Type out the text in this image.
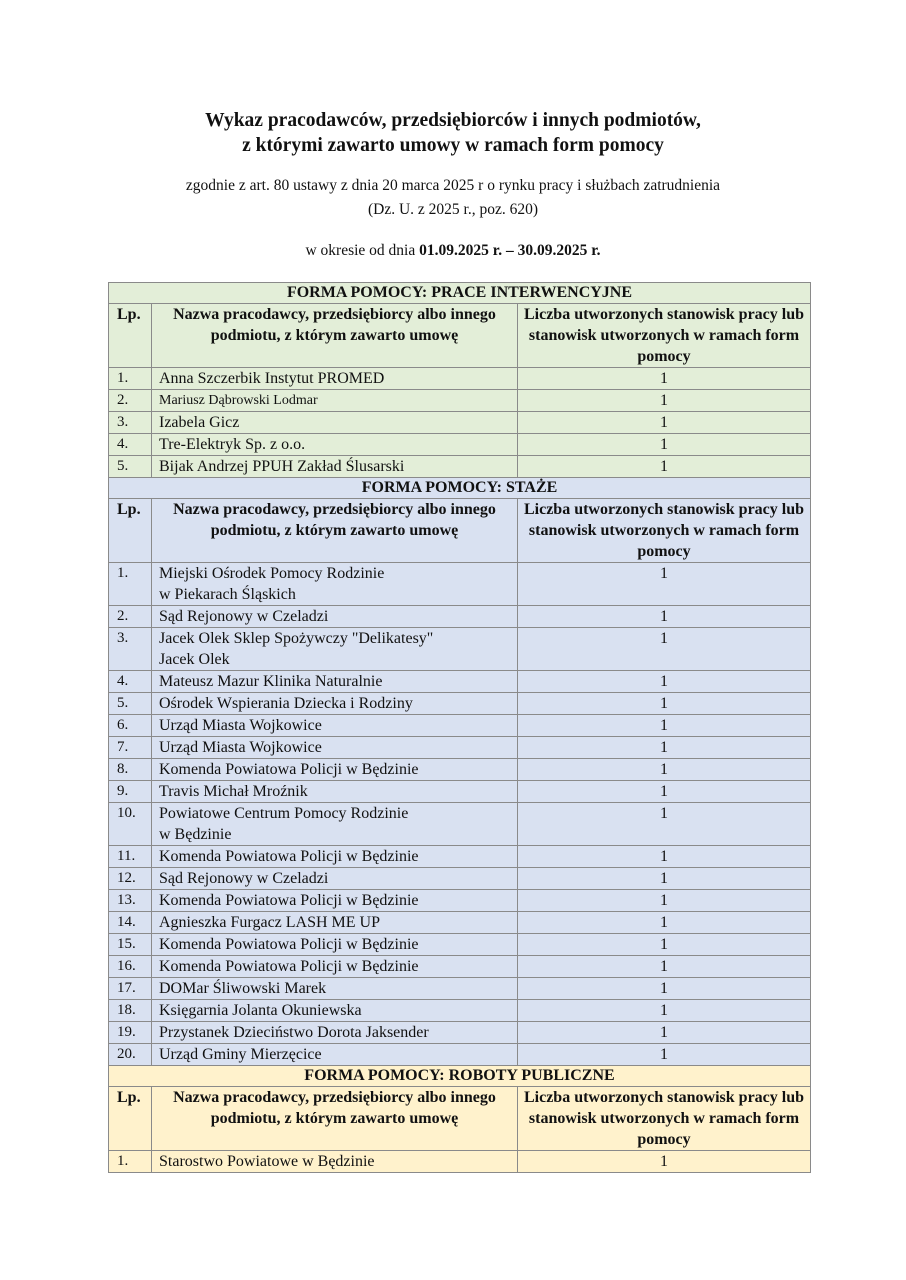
Wykaz pracodawców, przedsiębiorców i innych podmiotów,

z którymi zawarto umowy w ramach form pomocy

zgodnie z art. 80 ustawy z dnia 20 marca 2025 r o rynku pracy i służbach zatrudnienia

(Dz. U. z 2025 r., poz. 620)

w okresie od dnia 01.09.2025 r. – 30.09.2025 r.

FORMA POMOCY: PRACE INTERWENCYJNE		
Lp.	Nazwa pracodawcy, przedsiębiorcy albo innego podmiotu, z którym zawarto umowę	Liczba utworzonych stanowisk pracy lub stanowisk utworzonych w ramach form pomocy
1.	Anna Szczerbik Instytut PROMED	1
2.	Mariusz Dąbrowski Lodmar	1
3.	Izabela Gicz	1
4.	Tre-Elektryk Sp. z o.o.	1
5.	Bijak Andrzej PPUH Zakład Ślusarski	1
FORMA POMOCY: STAŻE		
Lp.	Nazwa pracodawcy, przedsiębiorcy albo innego podmiotu, z którym zawarto umowę	Liczba utworzonych stanowisk pracy lub stanowisk utworzonych w ramach form pomocy
1.	Miejski Ośrodek Pomocy Rodzinie
w Piekarach Śląskich	1
2.	Sąd Rejonowy w Czeladzi	1
3.	Jacek Olek Sklep Spożywczy "Delikatesy"
Jacek Olek	1
4.	Mateusz Mazur Klinika Naturalnie	1
5.	Ośrodek Wspierania Dziecka i Rodziny	1
6.	Urząd Miasta Wojkowice	1
7.	Urząd Miasta Wojkowice	1
8.	Komenda Powiatowa Policji w Będzinie	1
9.	Travis Michał Mroźnik	1
10.	Powiatowe Centrum Pomocy Rodzinie
w Będzinie	1
11.	Komenda Powiatowa Policji w Będzinie	1
12.	Sąd Rejonowy w Czeladzi	1
13.	Komenda Powiatowa Policji w Będzinie	1
14.	Agnieszka Furgacz LASH ME UP	1
15.	Komenda Powiatowa Policji w Będzinie	1
16.	Komenda Powiatowa Policji w Będzinie	1
17.	DOMar Śliwowski Marek	1
18.	Księgarnia Jolanta Okuniewska	1
19.	Przystanek Dzieciństwo Dorota Jaksender	1
20.	Urząd Gminy Mierzęcice	1
FORMA POMOCY: ROBOTY PUBLICZNE		
Lp.	Nazwa pracodawcy, przedsiębiorcy albo innego podmiotu, z którym zawarto umowę	Liczba utworzonych stanowisk pracy lub stanowisk utworzonych w ramach form pomocy
1.	Starostwo Powiatowe w Będzinie	1
